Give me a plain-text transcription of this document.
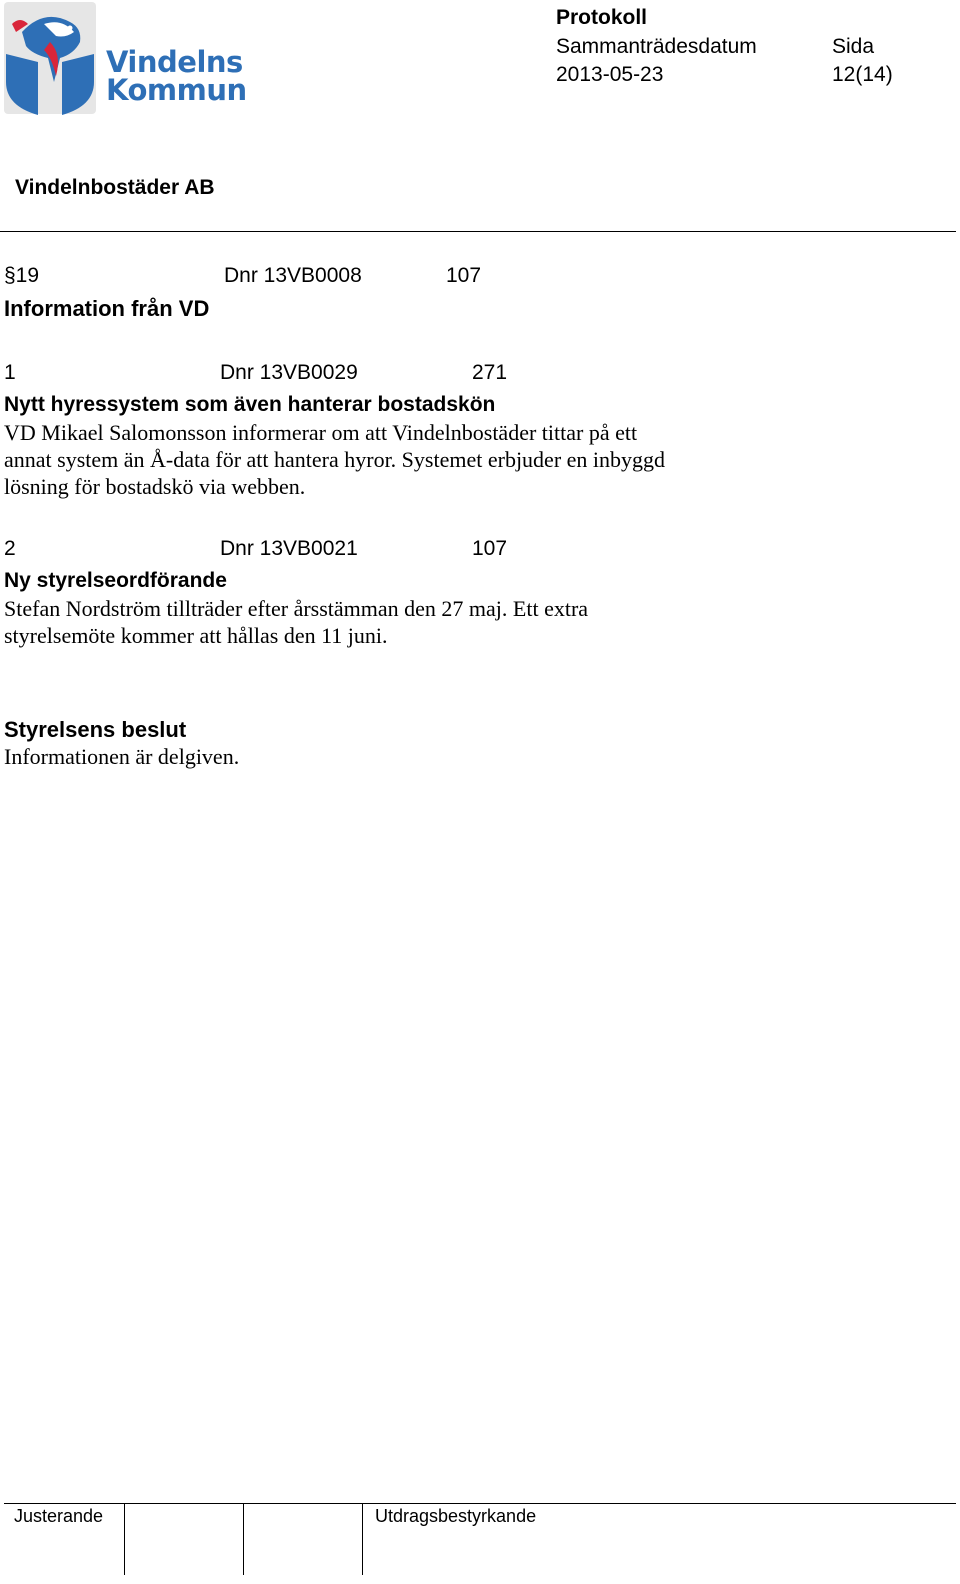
Vindelns
Kommun
Protokoll
Sammanträdesdatum	Sida
2013-05-23	12(14)
Vindelnbostäder AB
§19	Dnr 13VB0008	107
Information från VD
1	Dnr 13VB0029	271
Nytt hyressystem som även hanterar bostadskön
VD Mikael Salomonsson informerar om att Vindelnbostäder tittar på ett
annat system än Å-data för att hantera hyror. Systemet erbjuder en inbyggd
lösning för bostadskö via webben.
2	Dnr 13VB0021	107
Ny styrelseordförande
Stefan Nordström tillträder efter årsstämman den 27 maj. Ett extra
styrelsemöte kommer att hållas den 11 juni.
Styrelsens beslut
Informationen är delgiven.
Justerande	Utdragsbestyrkande
